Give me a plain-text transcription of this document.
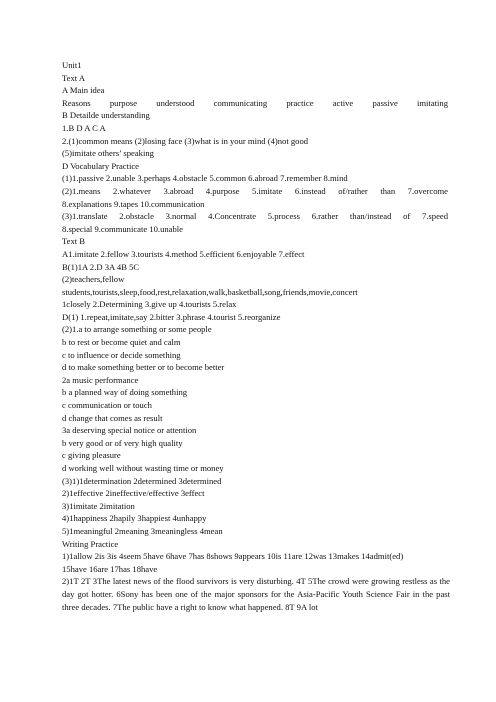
Unit1
Text A
A Main idea
Reasons purpose understood communicating practice active passive imitating
B Detailde understanding
1.B D A C A
2.(1)common means (2)losing face (3)what is in your mind (4)not good
(5)imitate others’ speaking
D Vocabulary Practice
(1)1.passive 2.unable 3.perhaps 4.obstacle 5.common 6.abroad 7.remember 8.mind
(2)1.means 2.whatever 3.abroad 4.purpose 5.imitate 6.instead of/rather than 7.overcome
8.explanations 9.tapes 10.communication
(3)1.translate 2.obstacle 3.normal 4.Concentrate 5.process 6.rather than/instead of 7.speed
8.special 9.communicate 10.unable
Text B
A1.imitate 2.fellow 3.tourists 4.method 5.efficient 6.enjoyable 7.effect
B(1)1A 2.D 3A 4B 5C
(2)teachers,fellow
students,tourists,sleep,food,rest,relaxation,walk,basketball,song,friends,movie,concert
1closely 2.Determining 3.give up 4.tourists 5.relax
D(1) 1.repeat,imitate,say 2.bitter 3.phrase 4.tourist 5.reorganize
(2)1.a to arrange something or some people
b to rest or become quiet and calm
c to influence or decide something
d to make something better or to become better
2a music performance
b a planned way of doing something
c communication or touch
d change that comes as result
3a deserving special notice or attention
b very good or of very high quality
c giving pleasure
d working well without wasting time or money
(3)1)1determination 2determined 3determined
2)1effective 2ineffective/effective 3effect
3)1imitate 2imitation
4)1happiness 2hapily 3happiest 4unhappy
5)1meaningful 2meaning 3meaningless 4mean
Writing Practice
1)1allow 2is 3is 4seem 5have 6have 7has 8shows 9appears 10is 11are 12was 13makes 14admit(ed)
15have 16are 17has 18have
2)1T 2T 3The latest news of the flood survivors is very disturbing. 4T 5The crowd were growing restless as the day got hotter. 6Sony has been one of the major sponsors for the Asia-Pacific Youth Science Fair in the past three decades. 7The public have a right to know what happened. 8T 9A lot
